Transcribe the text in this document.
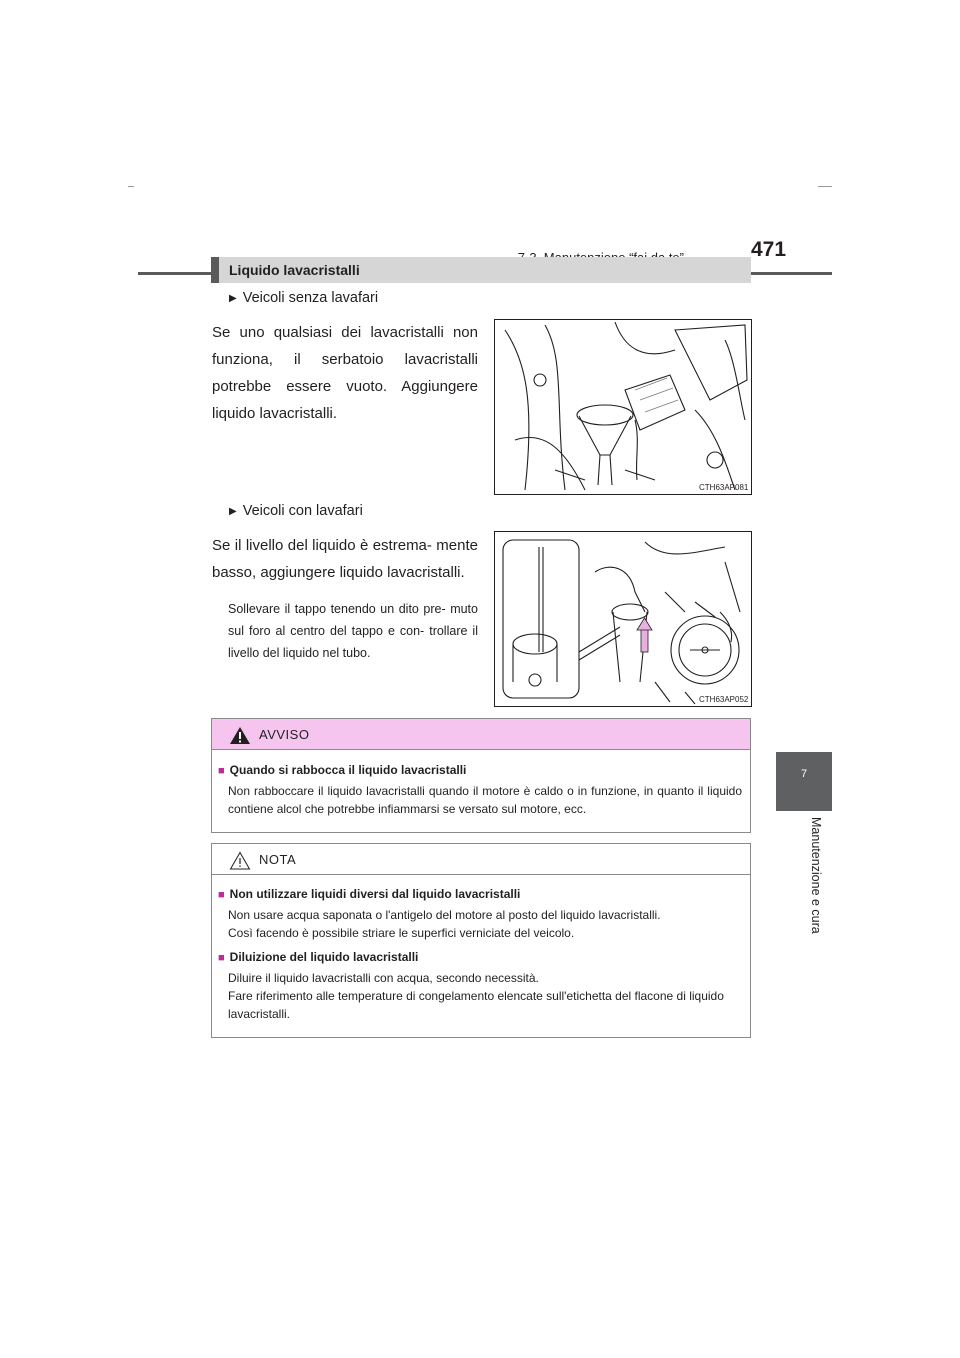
471
7
Manutenzione e cura
Liquido lavacristalli
▶ Veicoli senza lavafari
Se uno qualsiasi dei lavacristalli non funziona, il serbatoio lavacristalli potrebbe essere vuoto. Aggiungere liquido lavacristalli.
CTH63AP081
▶ Veicoli con lavafari
Se il livello del liquido è estrema- mente basso, aggiungere liquido lavacristalli.
Sollevare il tappo tenendo un dito pre- muto sul foro al centro del tappo e con- trollare il livello del liquido nel tubo.
CTH63AP052
AVVISO
■ Quando si rabbocca il liquido lavacristalli
Non rabboccare il liquido lavacristalli quando il motore è caldo o in funzione, in quanto il liquido contiene alcol che potrebbe infiammarsi se versato sul motore, ecc.
NOTA
■ Non utilizzare liquidi diversi dal liquido lavacristalli
Non usare acqua saponata o l'antigelo del motore al posto del liquido lavacristalli.
Così facendo è possibile striare le superfici verniciate del veicolo.
■ Diluizione del liquido lavacristalli
Diluire il liquido lavacristalli con acqua, secondo necessità.
Fare riferimento alle temperature di congelamento elencate sull'etichetta del flacone di liquido lavacristalli.
